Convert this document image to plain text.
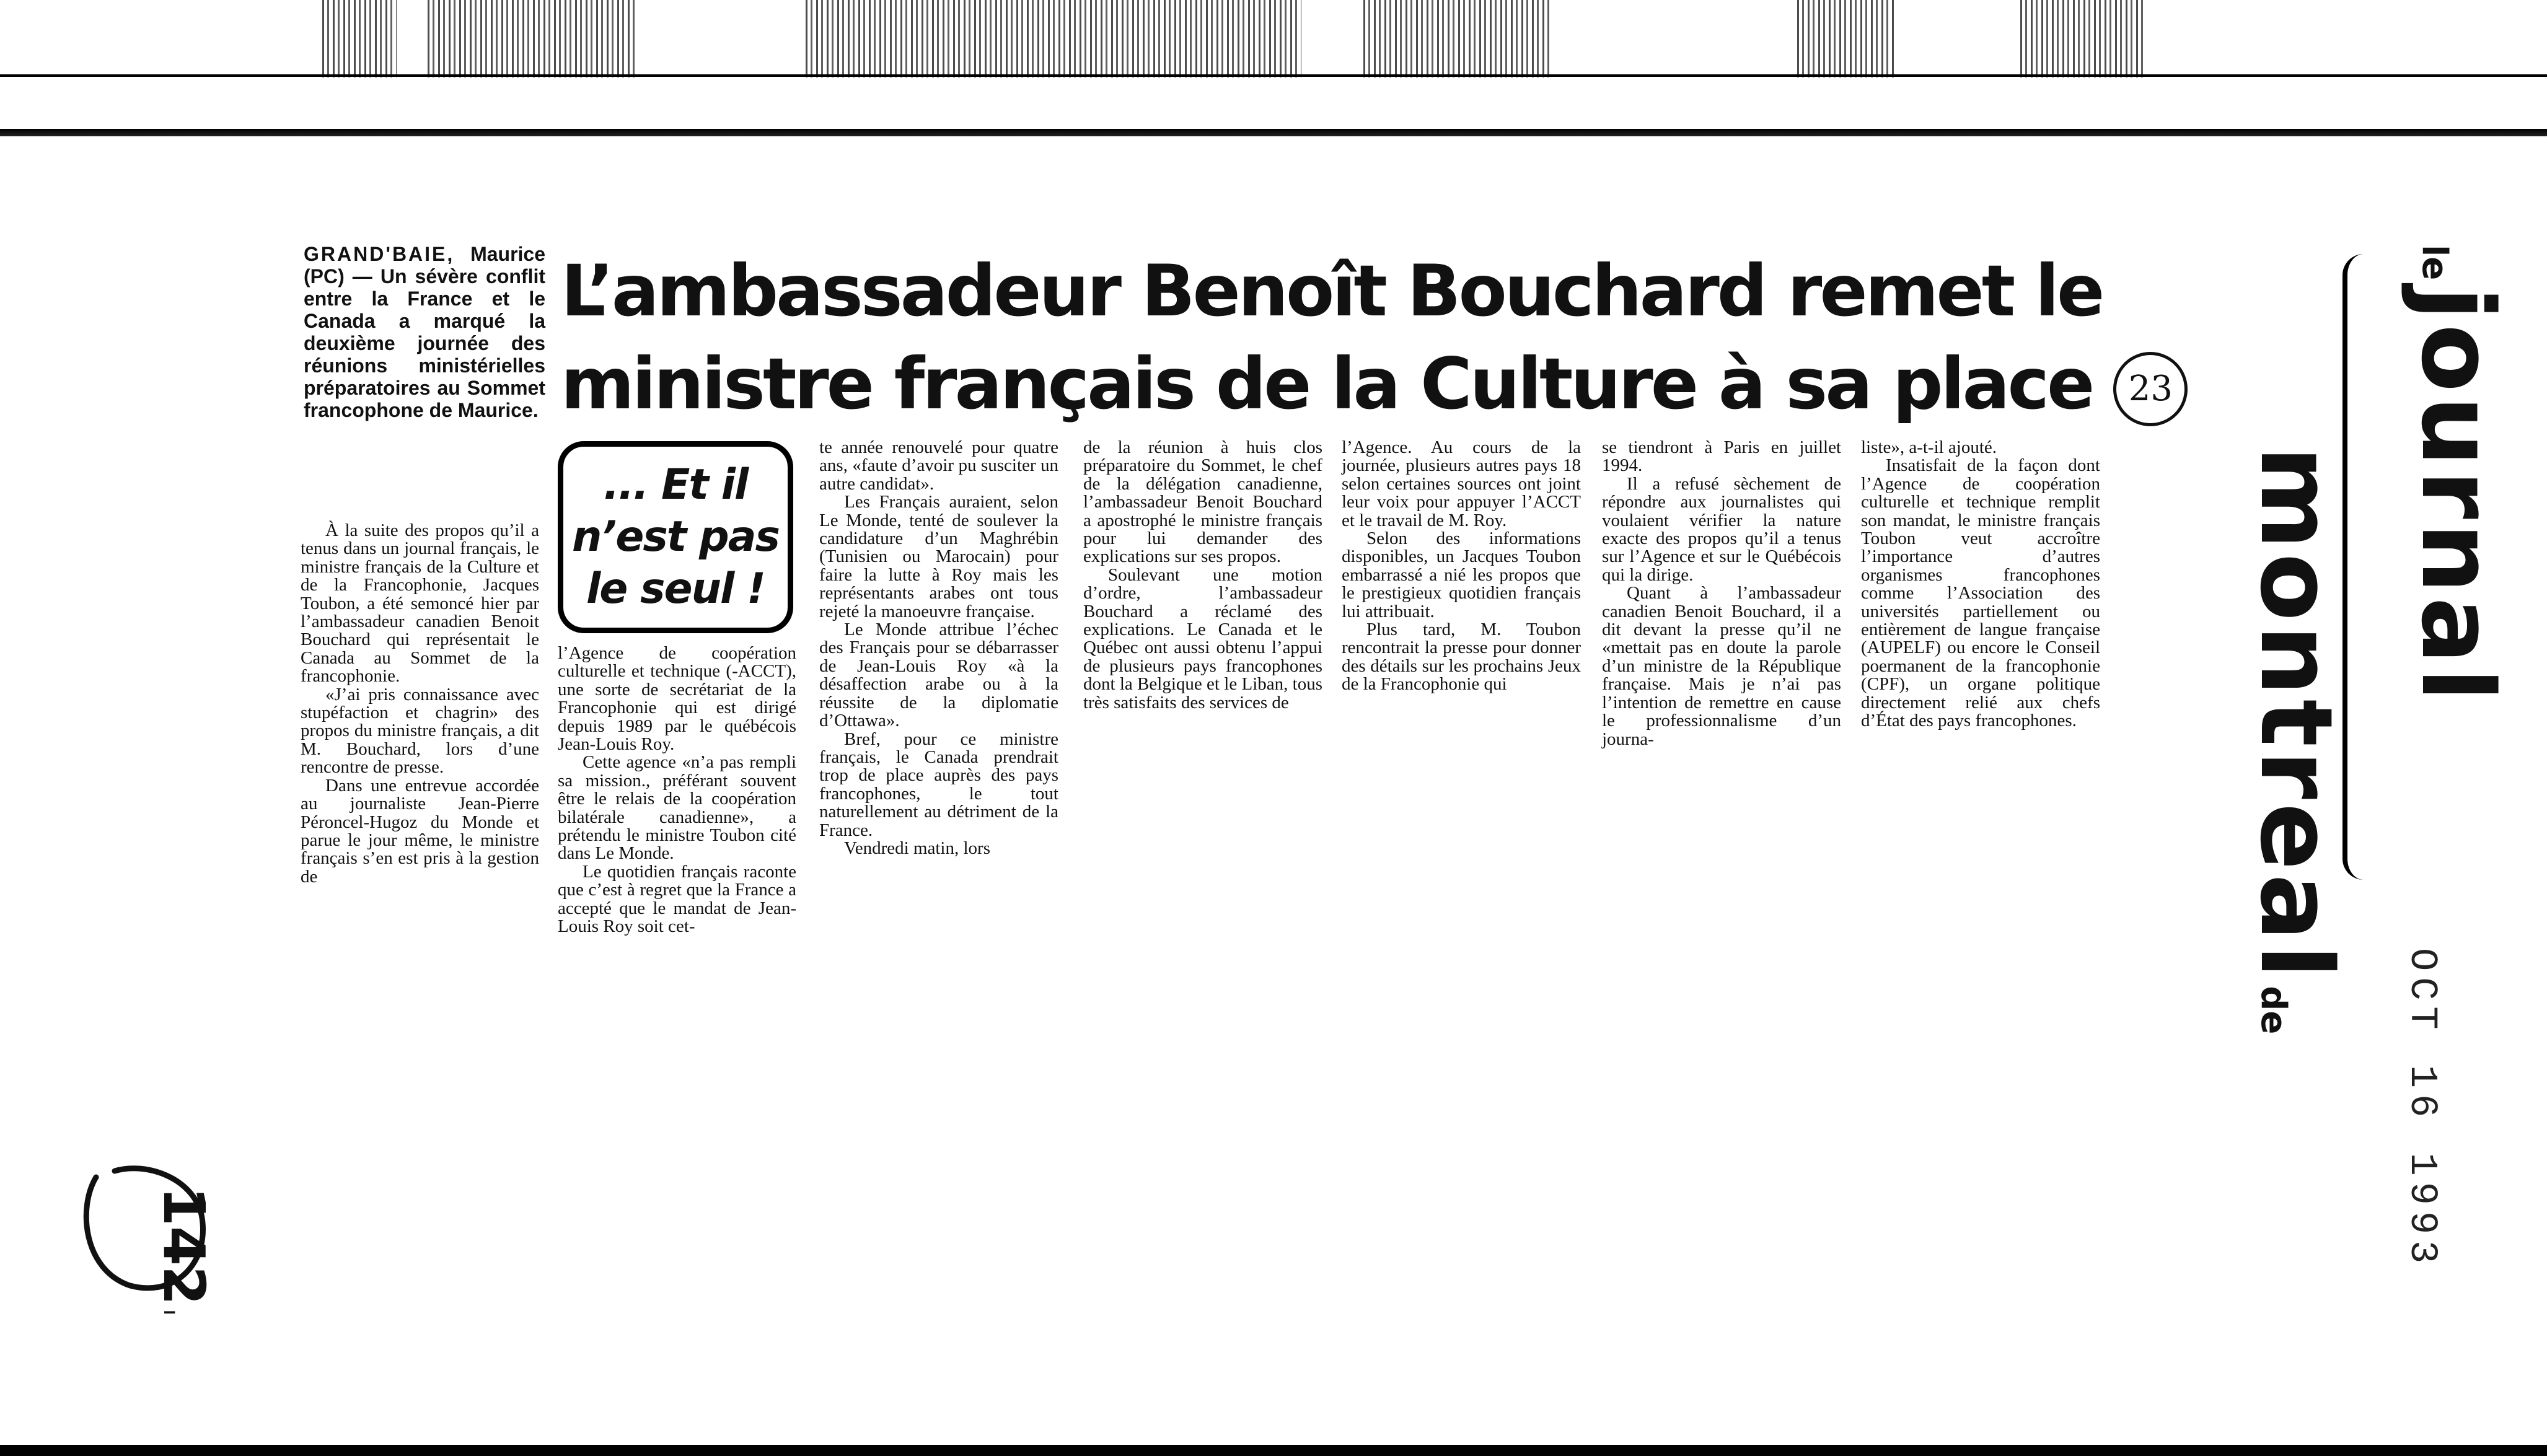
GRAND'BAIE, Maurice (PC) — Un sévère conflit entre la France et le Canada a marqué la deuxième journée des réunions ministérielles préparatoires au Sommet francophone de Maurice.

L’ambassadeur Benoît Bouchard remet le
ministre français de la Culture à sa place 23
... Et il n’est pas le seul !

À la suite des propos qu’il a tenus dans un journal français, le ministre français de la Culture et de la Francophonie, Jacques Toubon, a été semoncé hier par l’ambassadeur canadien Benoit Bouchard qui représentait le Canada au Sommet de la francophonie.

«J’ai pris connaissance avec stupéfaction et chagrin» des propos du ministre français, a dit M. Bouchard, lors d’une rencontre de presse.

Dans une entrevue accordée au journaliste Jean-Pierre Péroncel-Hugoz du Monde et parue le jour même, le ministre français s’en est pris à la gestion de

l’Agence de coopération culturelle et technique (-ACCT), une sorte de secrétariat de la Francophonie qui est dirigé depuis 1989 par le québécois Jean-Louis Roy.

Cette agence «n’a pas rempli sa mission., préférant souvent être le relais de la coopération bilatérale canadienne», a prétendu le ministre Toubon cité dans Le Monde.

Le quotidien français raconte que c’est à regret que la France a accepté que le mandat de Jean-Louis Roy soit cet-

te année renouvelé pour quatre ans, «faute d’avoir pu susciter un autre candidat».

Les Français auraient, selon Le Monde, tenté de soulever la candidature d’un Maghrébin (Tunisien ou Marocain) pour faire la lutte à Roy mais les représentants arabes ont tous rejeté la manoeuvre française.

Le Monde attribue l’échec des Français pour se débarrasser de Jean-Louis Roy «à la désaffection arabe ou à la réussite de la diplomatie d’Ottawa».

Bref, pour ce ministre français, le Canada prendrait trop de place auprès des pays francophones, le tout naturellement au détriment de la France.

Vendredi matin, lors

de la réunion à huis clos préparatoire du Sommet, le chef de la délégation canadienne, l’ambassadeur Benoit Bouchard a apostrophé le ministre français pour lui demander des explications sur ses propos.

Soulevant une motion d’ordre, l’ambassadeur Bouchard a réclamé des explications. Le Canada et le Québec ont aussi obtenu l’appui de plusieurs pays francophones dont la Belgique et le Liban, tous très satisfaits des services de

l’Agence. Au cours de la journée, plusieurs autres pays 18 selon certaines sources ont joint leur voix pour appuyer l’ACCT et le travail de M. Roy.

Selon des informations disponibles, un Jacques Toubon embarrassé a nié les propos que le prestigieux quotidien français lui attribuait.

Plus tard, M. Toubon rencontrait la presse pour donner des détails sur les prochains Jeux de la Francophonie qui

se tiendront à Paris en juillet 1994.

Il a refusé sèchement de répondre aux journalistes qui voulaient vérifier la nature exacte des propos qu’il a tenus sur l’Agence et sur le Québécois qui la dirige.

Quant à l’ambassadeur canadien Benoit Bouchard, il a dit devant la presse qu’il ne «mettait pas en doute la parole d’un ministre de la République française. Mais je n’ai pas l’intention de remettre en cause le professionnalisme d’un journa-

liste», a-t-il ajouté.

Insatisfait de la façon dont l’Agence de coopération culturelle et technique remplit son mandat, le ministre français Toubon veut accroître l’importance d’autres organismes francophones comme l’Association des universités partiellement ou entièrement de langue française (AUPELF) ou encore le Conseil poermanent de la francophonie (CPF), un organe politique directement relié aux chefs d’État des pays francophones.

le
journal
montreal
de	OCT 16 1993
142.74.
